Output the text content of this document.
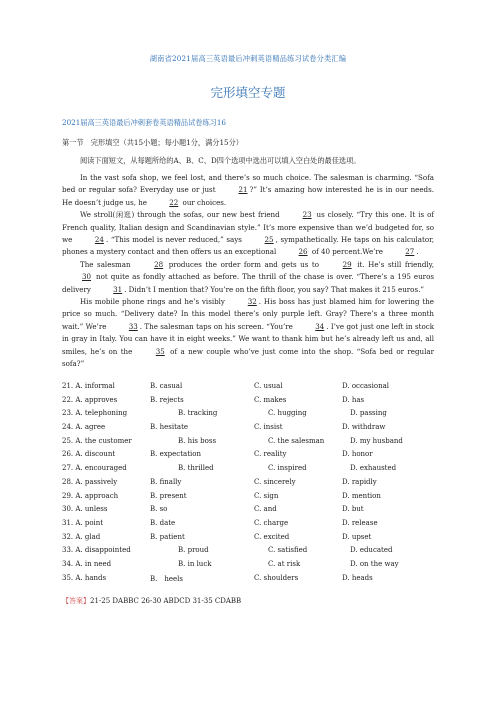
湖南省2021届高三英语最后冲刺英语精品练习试卷分类汇编
完形填空专题
2021届高三英语最后冲刺套卷英语精品试卷练习16
第一节　完形填空（共15小题；每小题1分，满分15分）
阅读下面短文，从每题所给的A、B、C、D四个选项中选出可以填入空白处的最佳选项。

In the vast sofa shop, we feel lost, and there’s so much choice. The salesman is charming. “Sofa bed or regular sofa? Everyday use or just	21 ?” It’s amazing how interested he is in our needs. He doesn’t judge us, he	22 our choices.

We stroll(闲逛) through the sofas, our new best friend	23 us closely. “Try this one. It is of French quality, Italian design and Scandinavian style.” It’s more expensive than we’d budgeted for, so we	24 . “This model is never reduced,” says	25 , sympathetically. He taps on his calculator, phones a mystery contact and then offers us an exceptional	26 of 40 percent.We’re	27 .

The salesman	28 produces the order form and gets us to	29 it. He’s still friendly, 30 not quite as fondly attached as before. The thrill of the chase is over. “There’s a 195 euros delivery	31 . Didn’t I mention that? You’re on the fifth floor, you say? That makes it 215 euros.”

His mobile phone rings and he’s visibly	32 . His boss has just blamed him for lowering the price so much. “Delivery date? In this model there’s only purple left. Gray? There’s a three month wait.” We’re	33 . The salesman taps on his screen. “You’re	34 . I’ve got just one left in stock in gray in Italy. You can have it in eight weeks.” We want to thank him but he’s already left us and, all smiles, he’s on the	35 of a new couple who’ve just come into the shop. “Sofa bed or regular sofa?”

21. A. informal	B. casual	C. usual	D. occasional
22. A. approves	B. rejects	C. makes	D. has
23. A. telephoning	B. tracking	C. hugging	D. passing
24. A. agree	B. hesitate	C. insist	D. withdraw
25. A. the customer	B. his boss	C. the salesman	D. my husband
26. A. discount	B. expectation	C. reality	D. honor
27. A. encouraged	B. thrilled	C. inspired	D. exhausted
28. A. passively	B. finally	C. sincerely	D. rapidly
29. A. approach	B. present	C. sign	D. mention
30. A. unless	B. so	C. and	D. but
31. A. point	B. date	C. charge	D. release
32. A. glad	B. patient	C. excited	D. upset
33. A. disappointed	B. proud	C. satisfied	D. educated
34. A. in need	B. in luck	C. at risk	D. on the way
35. A. hands	B.　heels	C. shoulders	D. heads
【答案】21-25 DABBC 26-30 ABDCD 31-35 CDABB
